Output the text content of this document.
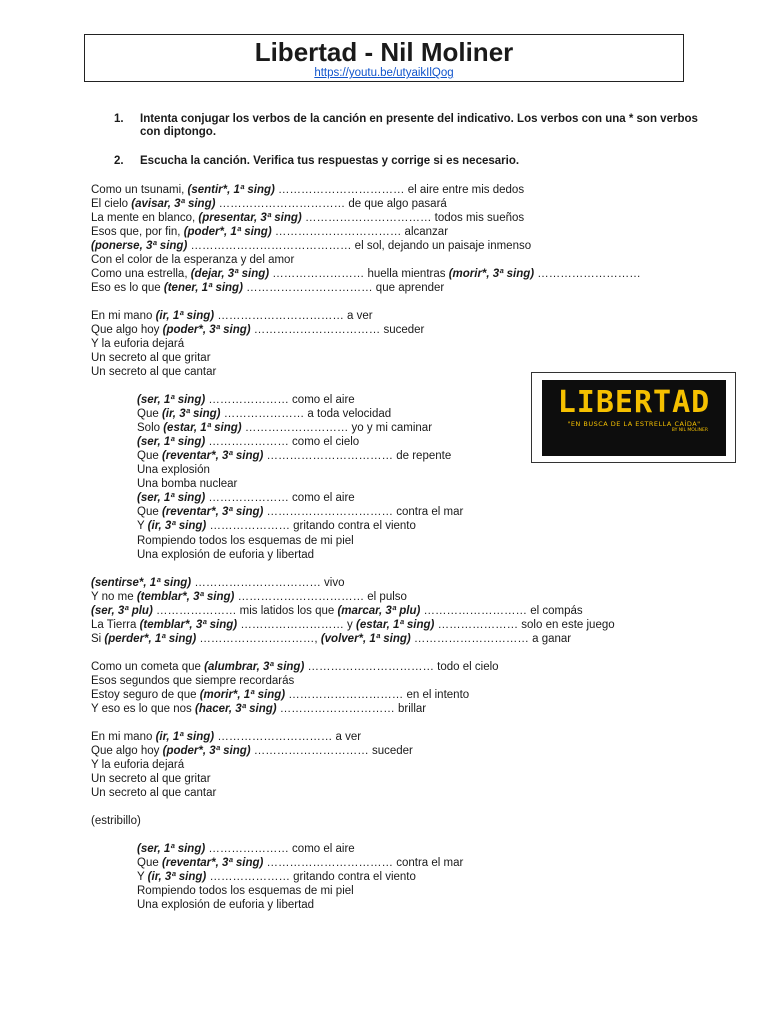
Libertad - Nil Moliner
https://youtu.be/utyaikIlQog
1. Intenta conjugar los verbos de la canción en presente del indicativo. Los verbos con una * son verbos con diptongo.
2. Escucha la canción. Verifica tus respuestas y corrige si es necesario.
Como un tsunami, (sentir*, 1ª sing) …………………………… el aire entre mis dedos
El cielo (avisar, 3ª sing) …………………………… de que algo pasará
La mente en blanco, (presentar, 3ª sing) …………………………… todos mis sueños
Esos que, por fin, (poder*, 1ª sing) …………………………… alcanzar
(ponerse, 3ª sing) …………………………………… el sol, dejando un paisaje inmenso
Con el color de la esperanza y del amor
Como una estrella, (dejar, 3ª sing) …………………… huella mientras (morir*, 3ª sing) ………………………
Eso es lo que (tener, 1ª sing) …………………………… que aprender
En mi mano (ir, 1ª sing) …………………………… a ver
Que algo hoy (poder*, 3ª sing) …………………………… suceder
Y la euforia dejará
Un secreto al que gritar
Un secreto al que cantar
(ser, 1ª sing) ………………… como el aire
Que (ir, 3ª sing) ………………… a toda velocidad
Solo (estar, 1ª sing) ……………………… yo y mi caminar
(ser, 1ª sing) ………………… como el cielo
Que (reventar*, 3ª sing) …………………………… de repente
Una explosión
Una bomba nuclear
(ser, 1ª sing) ………………… como el aire
Que (reventar*, 3ª sing) …………………………… contra el mar
Y (ir, 3ª sing) ………………… gritando contra el viento
Rompiendo todos los esquemas de mi piel
Una explosión de euforia y libertad
(sentirse*, 1ª sing) …………………………… vivo
Y no me (temblar*, 3ª sing) …………………………… el pulso
(ser, 3ª plu) ………………… mis latidos los que (marcar, 3ª plu) ……………………… el compás
La Tierra (temblar*, 3ª sing) ……………………… y (estar, 1ª sing) ………………… solo en este juego
Si (perder*, 1ª sing) …………………………, (volver*, 1ª sing) ………………………… a ganar
Como un cometa que (alumbrar, 3ª sing) …………………………… todo el cielo
Esos segundos que siempre recordarás
Estoy seguro de que (morir*, 1ª sing) ………………………… en el intento
Y eso es lo que nos (hacer, 3ª sing) ………………………… brillar
En mi mano (ir, 1ª sing) ………………………… a ver
Que algo hoy (poder*, 3ª sing) ………………………… suceder
Y la euforia dejará
Un secreto al que gritar
Un secreto al que cantar
(estribillo)
(ser, 1ª sing) ………………… como el aire
Que (reventar*, 3ª sing) …………………………… contra el mar
Y (ir, 3ª sing) ………………… gritando contra el viento
Rompiendo todos los esquemas de mi piel
Una explosión de euforia y libertad
LIBERTAD
"EN BUSCA DE LA ESTRELLA CAÍDA"
BY NIL MOLINER
